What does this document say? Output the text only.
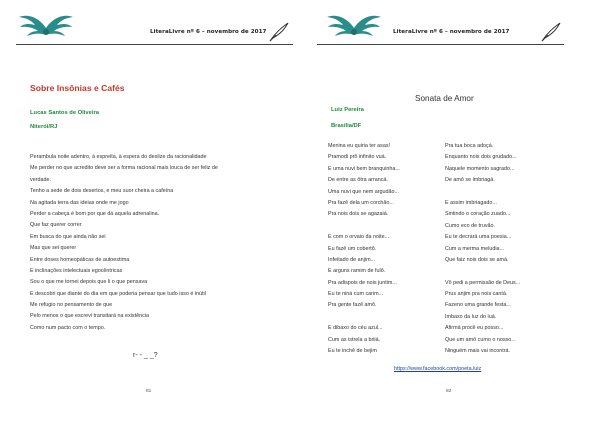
LiteraLivre nº 6 – novembro de 2017
Sobre Insônias e Cafés
Lucas Santos de Oliveira
Niterói/RJ
Perambula noite adentro, à espreita, à espera do deslize da racionalidade
Me perder no que acredito deve ser a forma racional mais louca de ser feliz de
verdade.
Tenho a sede de dois desertos, e meu suor cheira a cafeína
Na agitada terra das ideias onde me jogo
Perder a cabeça é bom por que dá aquela adrenalina.
Que faz querer correr
Em busca do que ainda não sei
Mas que sei querer
Entre doses homeopáticas de autoestima
E inclinações intelectuais egocêntricas
Sou o que me tornei depois que li o que pensava
E descobri que diante do dia em que poderia pensar que tudo isso é inútil
Me refugio no pensamento de que
Pelo menos o que escrevi transitará na existência
Como num pacto com o tempo.
r- - _ _?
81
LiteraLivre nº 6 – novembro de 2017
Sonata de Amor
Luiz Pereira
Brasília/DF
Menina eu quiria ter asas!
Pramodi prô infinito vuá.
E uma nuvi bem branquinha...
De entre as ôtra arrancá.
Uma nuvi que nem argudão...
Pra fazê dela um corchão...
Pra nois dois se agazaiá.
E com o orvaio da noite...
Eu fazê um cobertô.
Infeitado de anjim...
E arguns ramim de fulô.
Pra adispois de nois juntim...
Eu te niná cum carim...
Pra gente fazê amô.
E dibaxo do céu azul...
Cum as istrela a briiá.
Eu te inchê de bejim
Pra tua boca adoçá.
Enquanto nois dois grudado...
Naquele momento sagrado...
De amô se imbriagá.
E assim imbriagado...
Sintindo o coração zuado...
Cumo eco de truvão.
Eu te decrará uma poesia...
Cum a merma meludia...
Que faiz nois dois se amá.
Vô pedi a permissão de Deus...
Prus anjim pra nois cantá.
Fazeno uma grande festa...
Imbaxo da luz do luá.
Afirmá procê eu posso...
Que um amô cumo o nosso...
Ninguém mais vai incontrá.
https://www.facebook.com/poeta.luiz
82
